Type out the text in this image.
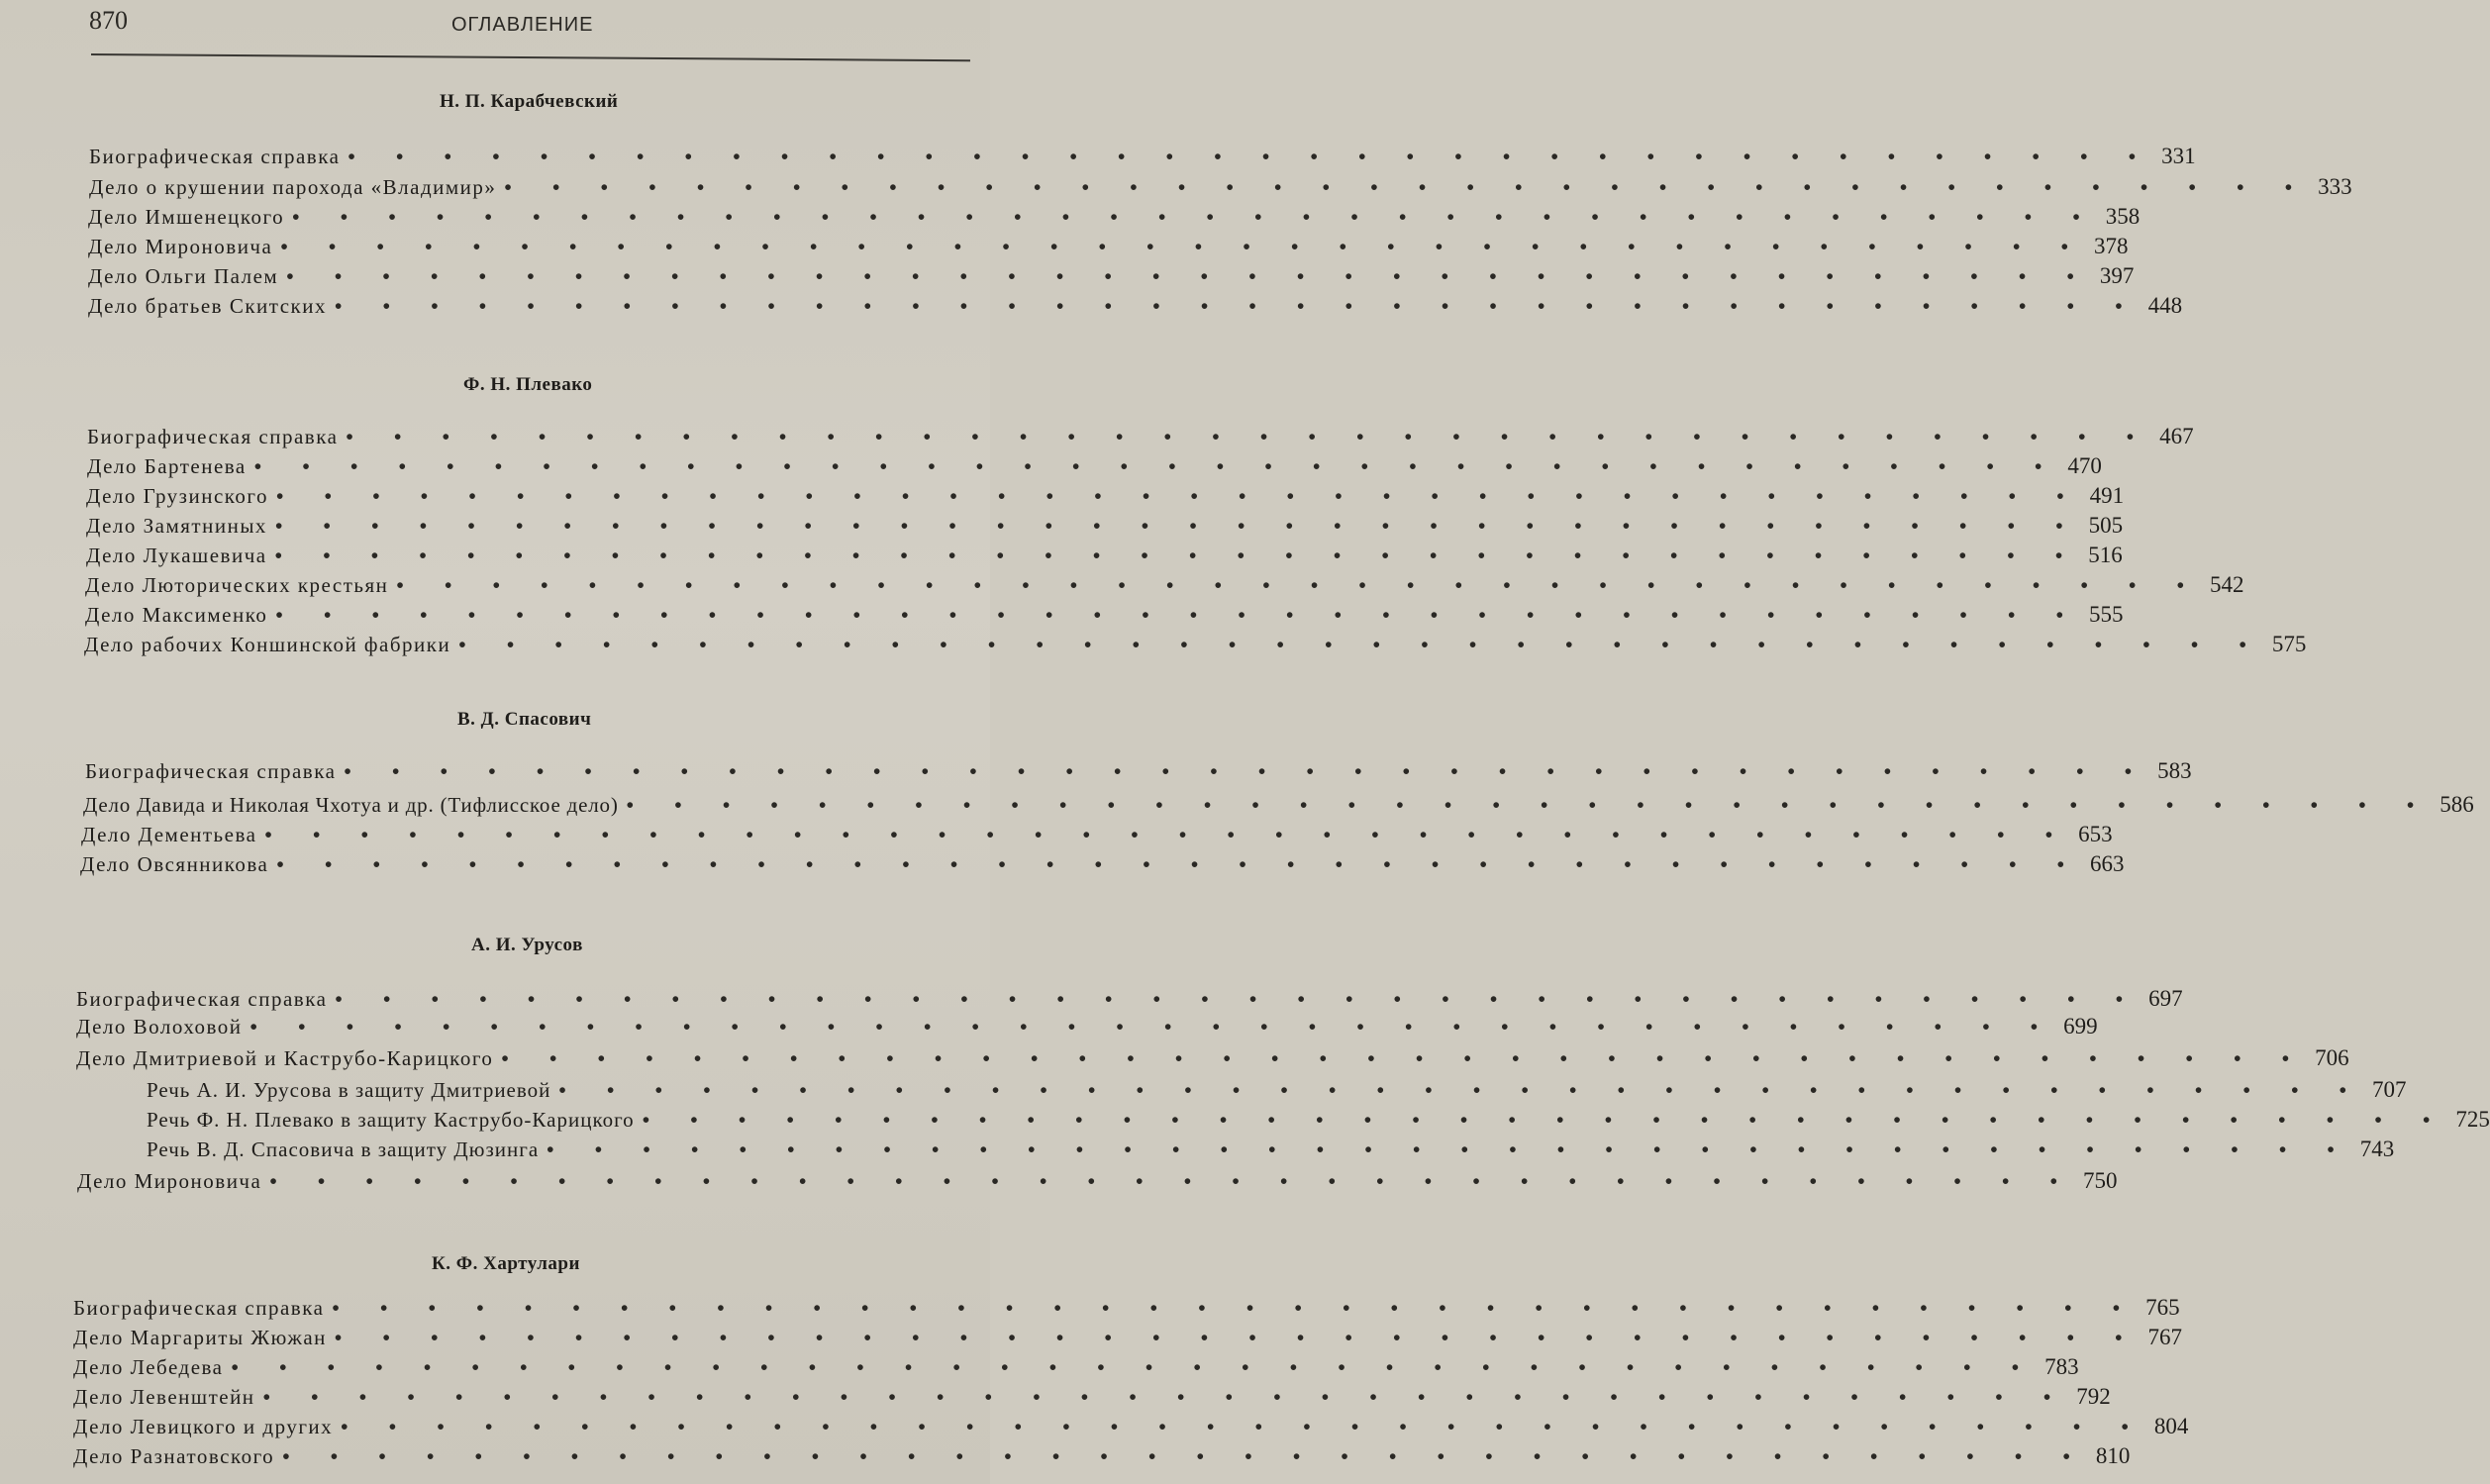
870	ОГЛАВЛЕНИЕ
Н. П. Карабчевский
Биографическая справка • • • • • • • • • • • • • • • • • • • • • • • • • • • • • • • • • • • • • • 331
Дело о крушении парохода «Владимир» • • • • • • • • • • • • • • • • • • • • • • • • • • • • • • • • • • • • • • 333
Дело Имшенецкого • • • • • • • • • • • • • • • • • • • • • • • • • • • • • • • • • • • • • • 358
Дело Мироновича • • • • • • • • • • • • • • • • • • • • • • • • • • • • • • • • • • • • • • 378
Дело Ольги Палем • • • • • • • • • • • • • • • • • • • • • • • • • • • • • • • • • • • • • • 397
Дело братьев Скитских • • • • • • • • • • • • • • • • • • • • • • • • • • • • • • • • • • • • • • 448
Ф. Н. Плевако
Биографическая справка • • • • • • • • • • • • • • • • • • • • • • • • • • • • • • • • • • • • • • 467
Дело Бартенева • • • • • • • • • • • • • • • • • • • • • • • • • • • • • • • • • • • • • • 470
Дело Грузинского • • • • • • • • • • • • • • • • • • • • • • • • • • • • • • • • • • • • • • 491
Дело Замятниных • • • • • • • • • • • • • • • • • • • • • • • • • • • • • • • • • • • • • • 505
Дело Лукашевича • • • • • • • • • • • • • • • • • • • • • • • • • • • • • • • • • • • • • • 516
Дело Люторических крестьян • • • • • • • • • • • • • • • • • • • • • • • • • • • • • • • • • • • • • • 542
Дело Максименко • • • • • • • • • • • • • • • • • • • • • • • • • • • • • • • • • • • • • • 555
Дело рабочих Коншинской фабрики • • • • • • • • • • • • • • • • • • • • • • • • • • • • • • • • • • • • • • 575
В. Д. Спасович
Биографическая справка • • • • • • • • • • • • • • • • • • • • • • • • • • • • • • • • • • • • • • 583
Дело Давида и Николая Чхотуа и др. (Тифлисское дело) • • • • • • • • • • • • • • • • • • • • • • • • • • • • • • • • • • • • • • 586
Дело Дементьева • • • • • • • • • • • • • • • • • • • • • • • • • • • • • • • • • • • • • • 653
Дело Овсянникова • • • • • • • • • • • • • • • • • • • • • • • • • • • • • • • • • • • • • • 663
А. И. Урусов
Биографическая справка • • • • • • • • • • • • • • • • • • • • • • • • • • • • • • • • • • • • • • 697
Дело Волоховой • • • • • • • • • • • • • • • • • • • • • • • • • • • • • • • • • • • • • • 699
Дело Дмитриевой и Каструбо-Карицкого • • • • • • • • • • • • • • • • • • • • • • • • • • • • • • • • • • • • • • 706
Речь А. И. Урусова в защиту Дмитриевой • • • • • • • • • • • • • • • • • • • • • • • • • • • • • • • • • • • • • • 707
Речь Ф. Н. Плевако в защиту Каструбо-Карицкого • • • • • • • • • • • • • • • • • • • • • • • • • • • • • • • • • • • • • • 725
Речь В. Д. Спасовича в защиту Дюзинга • • • • • • • • • • • • • • • • • • • • • • • • • • • • • • • • • • • • • • 743
Дело Мироновича • • • • • • • • • • • • • • • • • • • • • • • • • • • • • • • • • • • • • • 750
К. Ф. Хартулари
Биографическая справка • • • • • • • • • • • • • • • • • • • • • • • • • • • • • • • • • • • • • • 765
Дело Маргариты Жюжан • • • • • • • • • • • • • • • • • • • • • • • • • • • • • • • • • • • • • • 767
Дело Лебедева • • • • • • • • • • • • • • • • • • • • • • • • • • • • • • • • • • • • • • 783
Дело Левенштейн • • • • • • • • • • • • • • • • • • • • • • • • • • • • • • • • • • • • • • 792
Дело Левицкого и других • • • • • • • • • • • • • • • • • • • • • • • • • • • • • • • • • • • • • • 804
Дело Разнатовского • • • • • • • • • • • • • • • • • • • • • • • • • • • • • • • • • • • • • • 810
